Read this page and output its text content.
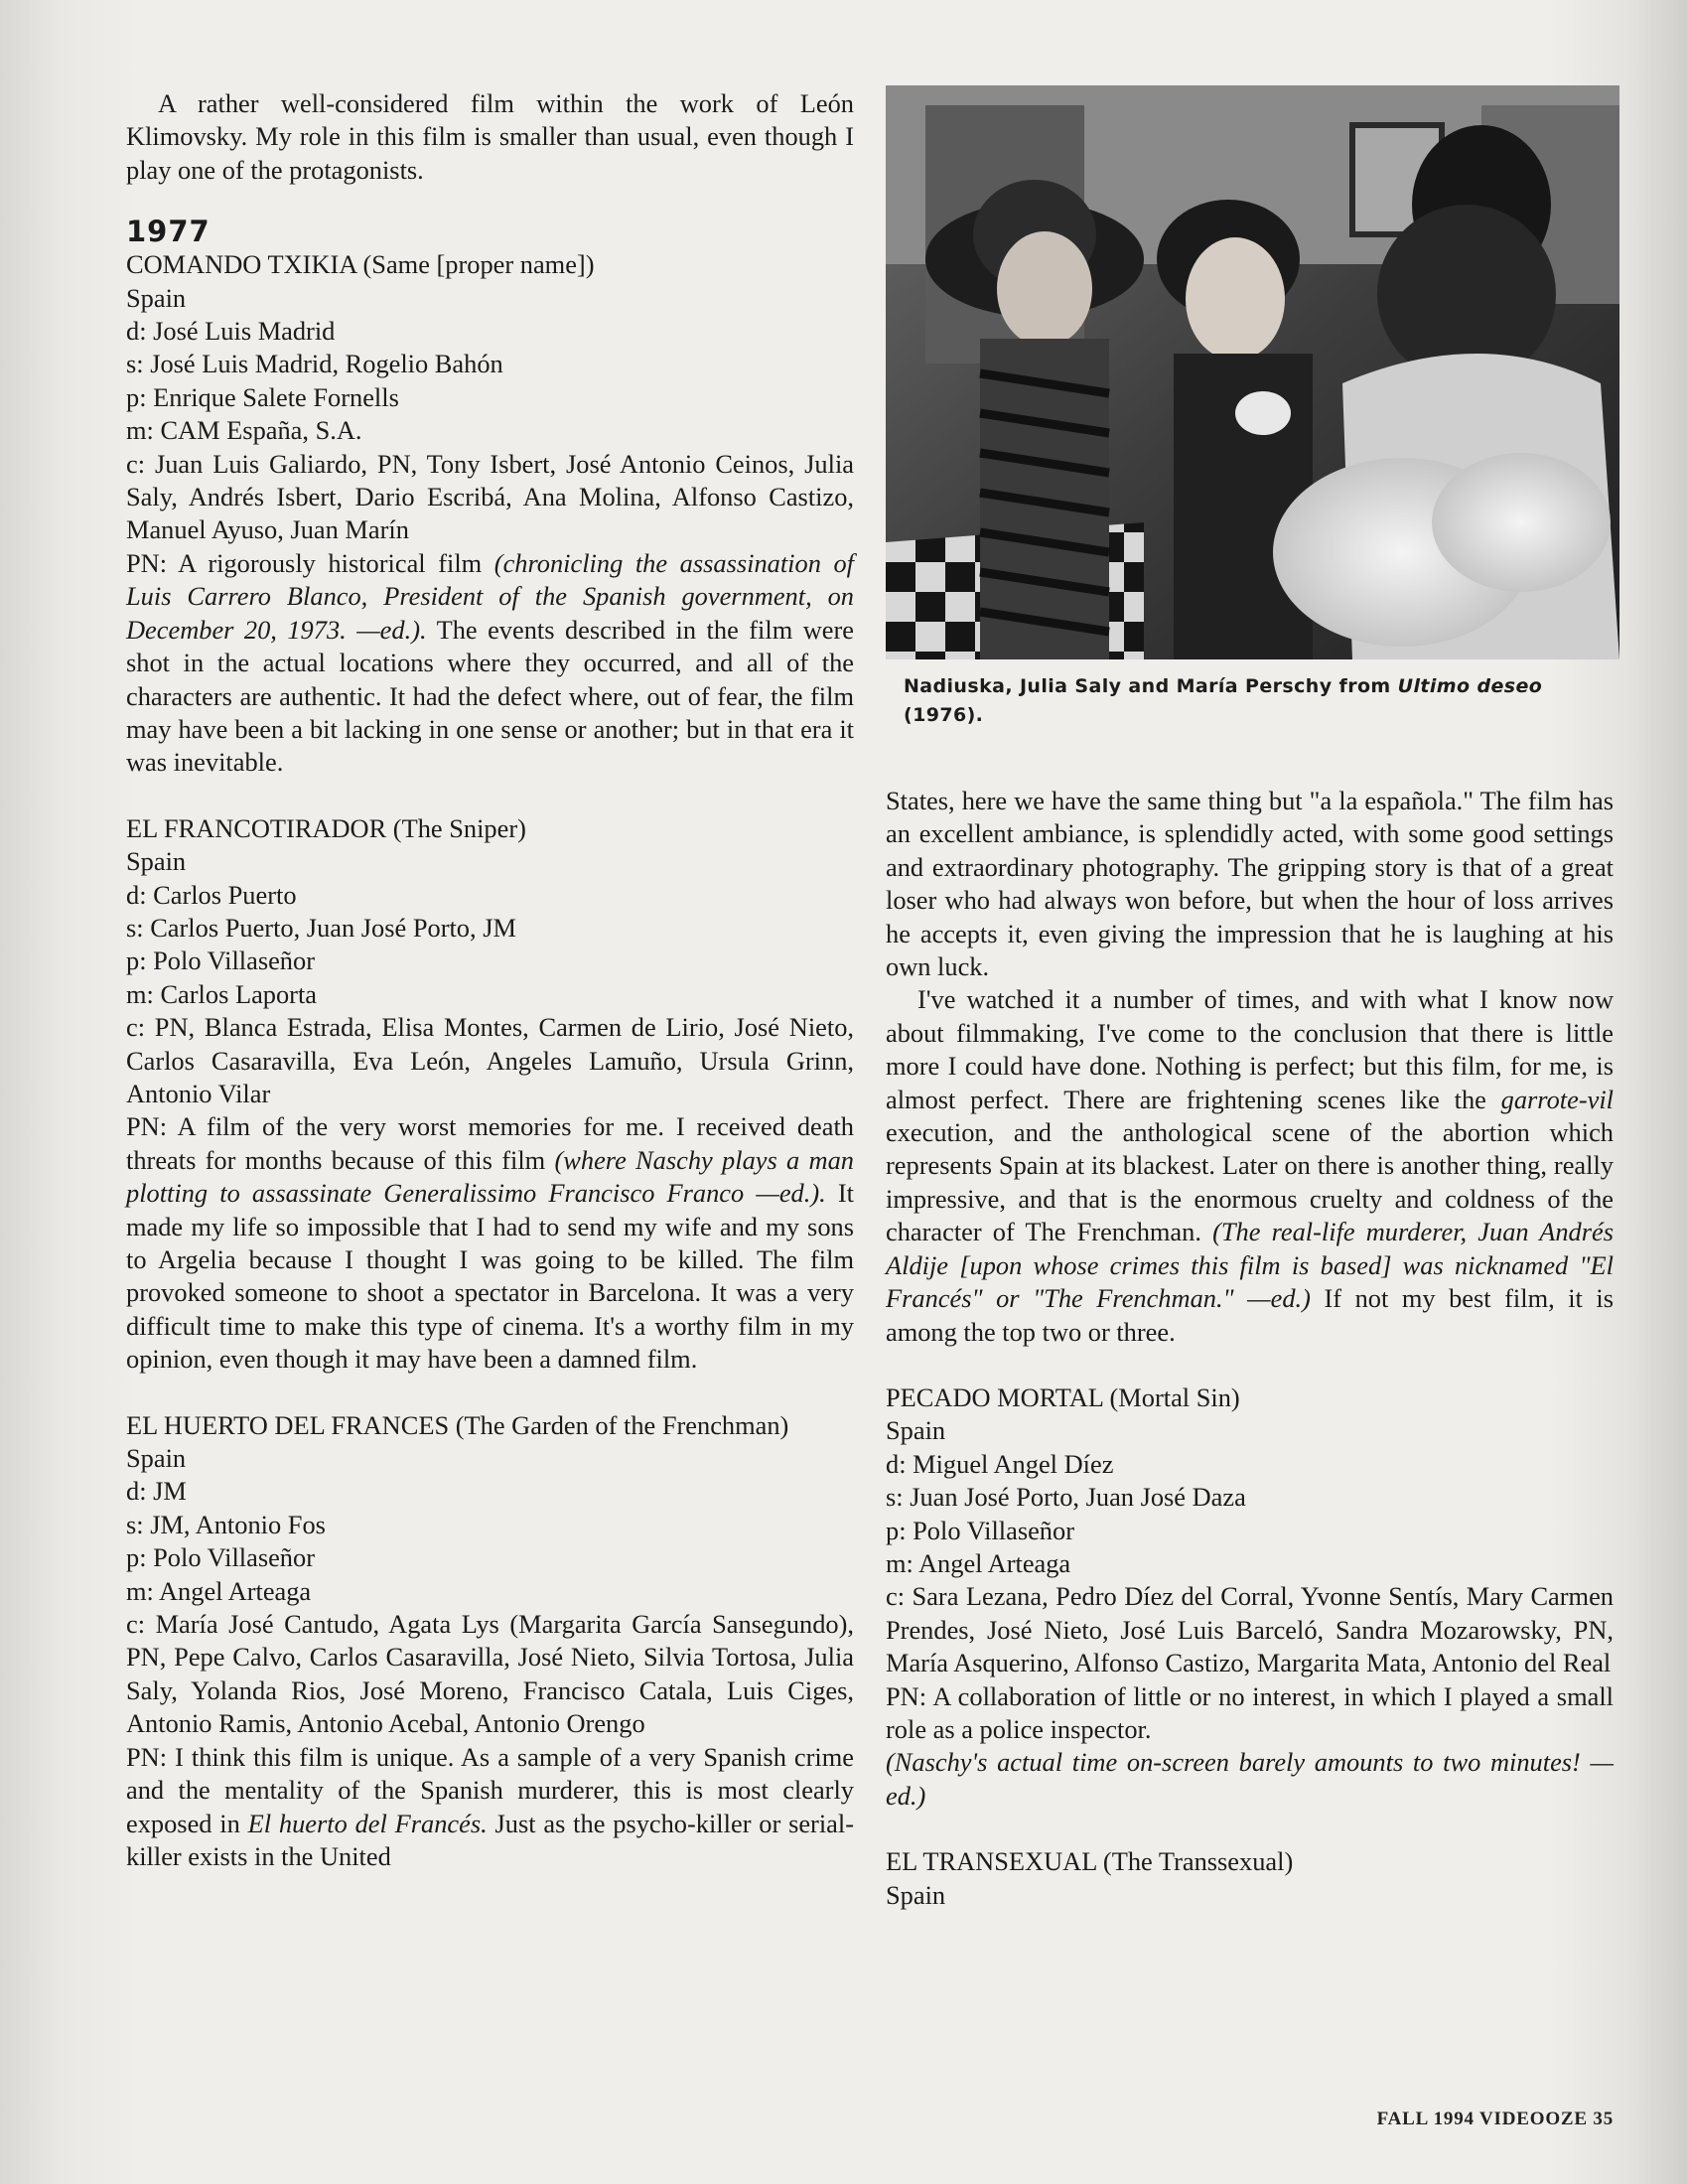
A rather well-considered film within the work of León Klimovsky. My role in this film is smaller than usual, even though I play one of the protagonists.

1977
COMANDO TXIKIA (Same [proper name])
Spain
d: José Luis Madrid
s: José Luis Madrid, Rogelio Bahón
p: Enrique Salete Fornells
m: CAM España, S.A.
c: Juan Luis Galiardo, PN, Tony Isbert, José Antonio Ceinos, Julia Saly, Andrés Isbert, Dario Escribá, Ana Molina, Alfonso Castizo, Manuel Ayuso, Juan Marín

PN: A rigorously historical film (chronicling the assassination of Luis Carrero Blanco, President of the Spanish government, on December 20, 1973. —ed.). The events described in the film were shot in the actual locations where they occurred, and all of the characters are authentic. It had the defect where, out of fear, the film may have been a bit lacking in one sense or another; but in that era it was inevitable.

EL FRANCOTIRADOR (The Sniper)
Spain
d: Carlos Puerto
s: Carlos Puerto, Juan José Porto, JM
p: Polo Villaseñor
m: Carlos Laporta
c: PN, Blanca Estrada, Elisa Montes, Carmen de Lirio, José Nieto, Carlos Casaravilla, Eva León, Angeles Lamuño, Ursula Grinn, Antonio Vilar

PN: A film of the very worst memories for me. I received death threats for months because of this film (where Naschy plays a man plotting to assassinate Generalissimo Francisco Franco —ed.). It made my life so impossible that I had to send my wife and my sons to Argelia because I thought I was going to be killed. The film provoked someone to shoot a spectator in Barcelona. It was a very difficult time to make this type of cinema. It's a worthy film in my opinion, even though it may have been a damned film.

EL HUERTO DEL FRANCES (The Garden of the Frenchman)
Spain
d: JM
s: JM, Antonio Fos
p: Polo Villaseñor
m: Angel Arteaga
c: María José Cantudo, Agata Lys (Margarita García Sansegundo), PN, Pepe Calvo, Carlos Casaravilla, José Nieto, Silvia Tortosa, Julia Saly, Yolanda Rios, José Moreno, Francisco Catala, Luis Ciges, Antonio Ramis, Antonio Acebal, Antonio Orengo

PN: I think this film is unique. As a sample of a very Spanish crime and the mentality of the Spanish murderer, this is most clearly exposed in El huerto del Francés. Just as the psycho-killer or serial-killer exists in the United

Nadiuska, Julia Saly and María Perschy from Ultimo deseo (1976).

States, here we have the same thing but "a la española." The film has an excellent ambiance, is splendidly acted, with some good settings and extraordinary photography. The gripping story is that of a great loser who had always won before, but when the hour of loss arrives he accepts it, even giving the impression that he is laughing at his own luck.

I've watched it a number of times, and with what I know now about filmmaking, I've come to the conclusion that there is little more I could have done. Nothing is perfect; but this film, for me, is almost perfect. There are frightening scenes like the garrote-vil execution, and the anthological scene of the abortion which represents Spain at its blackest. Later on there is another thing, really impressive, and that is the enormous cruelty and coldness of the character of The Frenchman. (The real-life murderer, Juan Andrés Aldije [upon whose crimes this film is based] was nicknamed "El Francés" or "The Frenchman." —ed.) If not my best film, it is among the top two or three.

PECADO MORTAL (Mortal Sin)
Spain
d: Miguel Angel Díez
s: Juan José Porto, Juan José Daza
p: Polo Villaseñor
m: Angel Arteaga
c: Sara Lezana, Pedro Díez del Corral, Yvonne Sentís, Mary Carmen Prendes, José Nieto, José Luis Barceló, Sandra Mozarowsky, PN, María Asquerino, Alfonso Castizo, Margarita Mata, Antonio del Real
PN: A collaboration of little or no interest, in which I played a small role as a police inspector.
(Naschy's actual time on-screen barely amounts to two minutes! —ed.)
EL TRANSEXUAL (The Transsexual)
Spain
FALL 1994 VIDEOOZE 35
